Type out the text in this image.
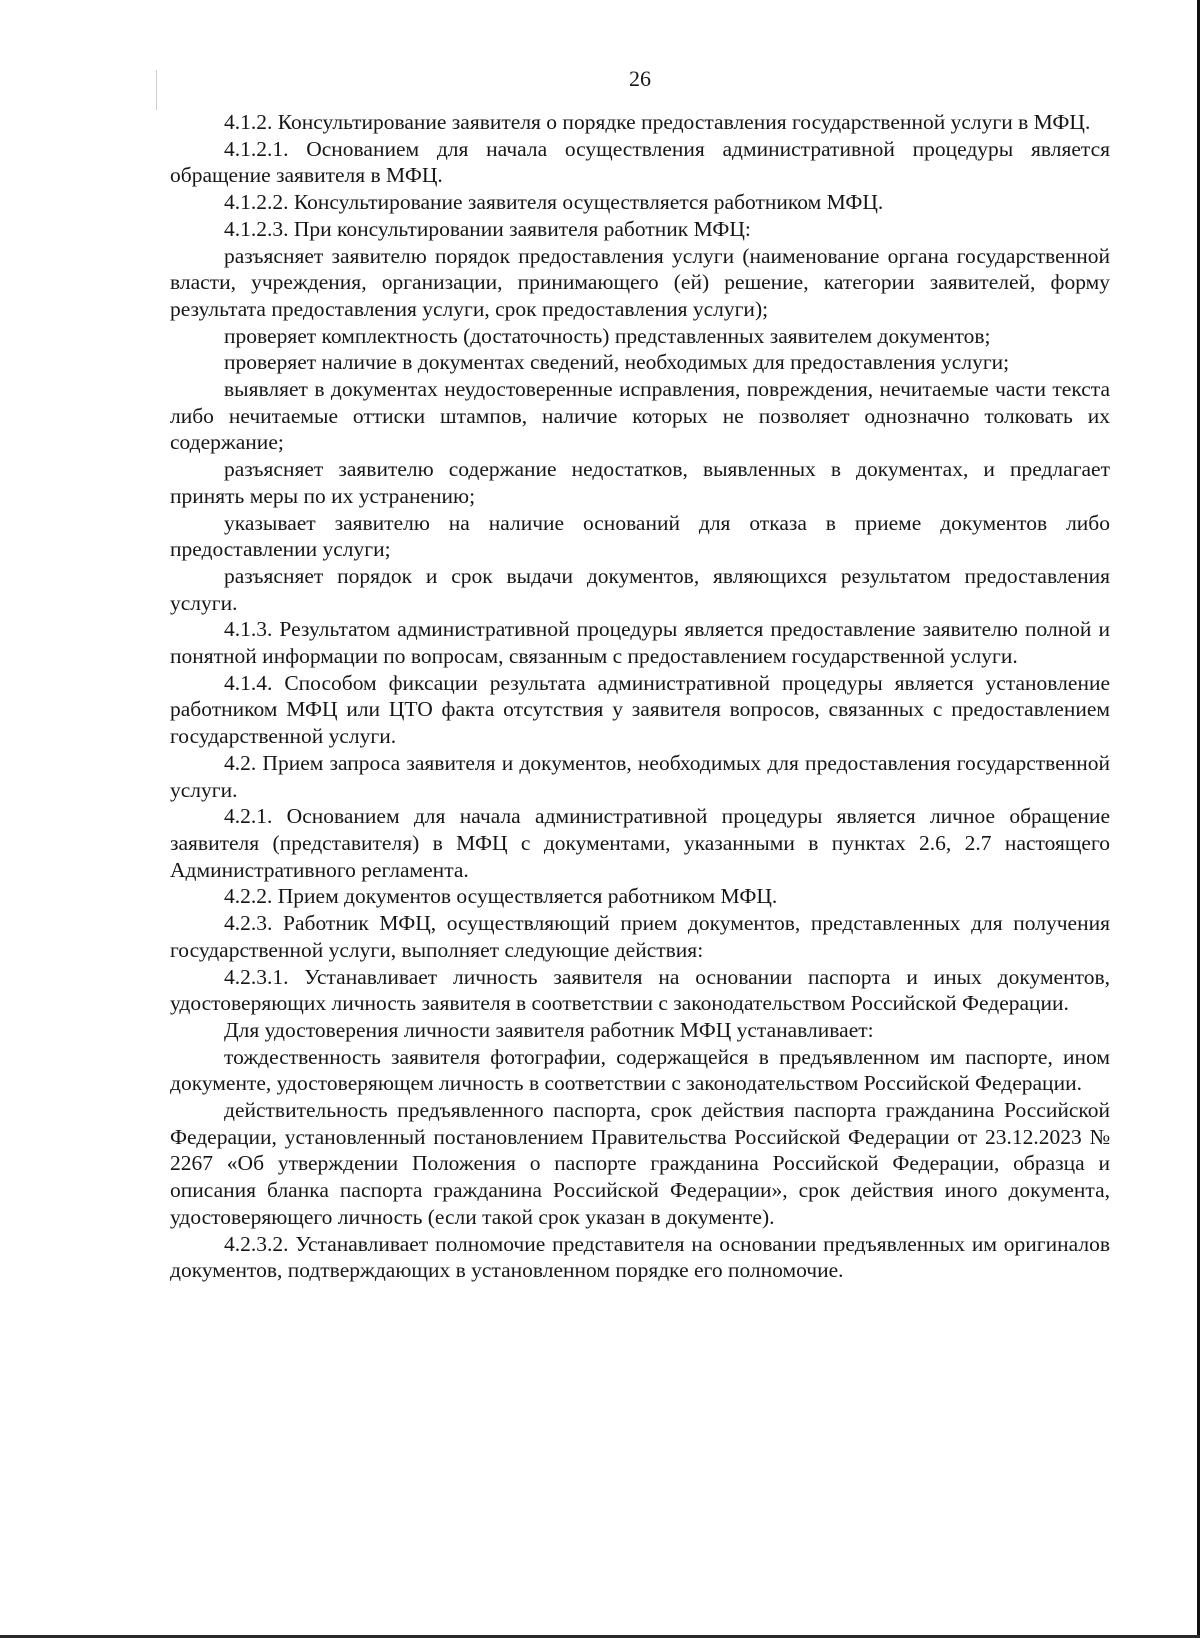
26

4.1.2. Консультирование заявителя о порядке предоставления государственной услуги в МФЦ.

4.1.2.1. Основанием для начала осуществления административной процедуры является обращение заявителя в МФЦ.

4.1.2.2. Консультирование заявителя осуществляется работником МФЦ.

4.1.2.3. При консультировании заявителя работник МФЦ:

разъясняет заявителю порядок предоставления услуги (наименование органа государственной власти, учреждения, организации, принимающего (ей) решение, категории заявителей, форму результата предоставления услуги, срок предоставления услуги);

проверяет комплектность (достаточность) представленных заявителем документов;

проверяет наличие в документах сведений, необходимых для предоставления услуги;

выявляет в документах неудостоверенные исправления, повреждения, нечитаемые части текста либо нечитаемые оттиски штампов, наличие которых не позволяет однозначно толковать их содержание;

разъясняет заявителю содержание недостатков, выявленных в документах, и предлагает принять меры по их устранению;

указывает заявителю на наличие оснований для отказа в приеме документов либо предоставлении услуги;

разъясняет порядок и срок выдачи документов, являющихся результатом предоставления услуги.

4.1.3. Результатом административной процедуры является предоставление заявителю полной и понятной информации по вопросам, связанным с предоставлением государственной услуги.

4.1.4. Способом фиксации результата административной процедуры является установление работником МФЦ или ЦТО факта отсутствия у заявителя вопросов, связанных с предоставлением государственной услуги.

4.2. Прием запроса заявителя и документов, необходимых для предоставления государственной услуги.

4.2.1. Основанием для начала административной процедуры является личное обращение заявителя (представителя) в МФЦ с документами, указанными в пунктах 2.6, 2.7 настоящего Административного регламента.

4.2.2. Прием документов осуществляется работником МФЦ.

4.2.3. Работник МФЦ, осуществляющий прием документов, представленных для получения государственной услуги, выполняет следующие действия:

4.2.3.1. Устанавливает личность заявителя на основании паспорта и иных документов, удостоверяющих личность заявителя в соответствии с законодательством Российской Федерации.

Для удостоверения личности заявителя работник МФЦ устанавливает:

тождественность заявителя фотографии, содержащейся в предъявленном им паспорте, ином документе, удостоверяющем личность в соответствии с законодательством Российской Федерации.

действительность предъявленного паспорта, срок действия паспорта гражданина Российской Федерации, установленный постановлением Правительства Российской Федерации от 23.12.2023 № 2267 «Об утверждении Положения о паспорте гражданина Российской Федерации, образца и описания бланка паспорта гражданина Российской Федерации», срок действия иного документа, удостоверяющего личность (если такой срок указан в документе).

4.2.3.2. Устанавливает полномочие представителя на основании предъявленных им оригиналов документов, подтверждающих в установленном порядке его полномочие.
